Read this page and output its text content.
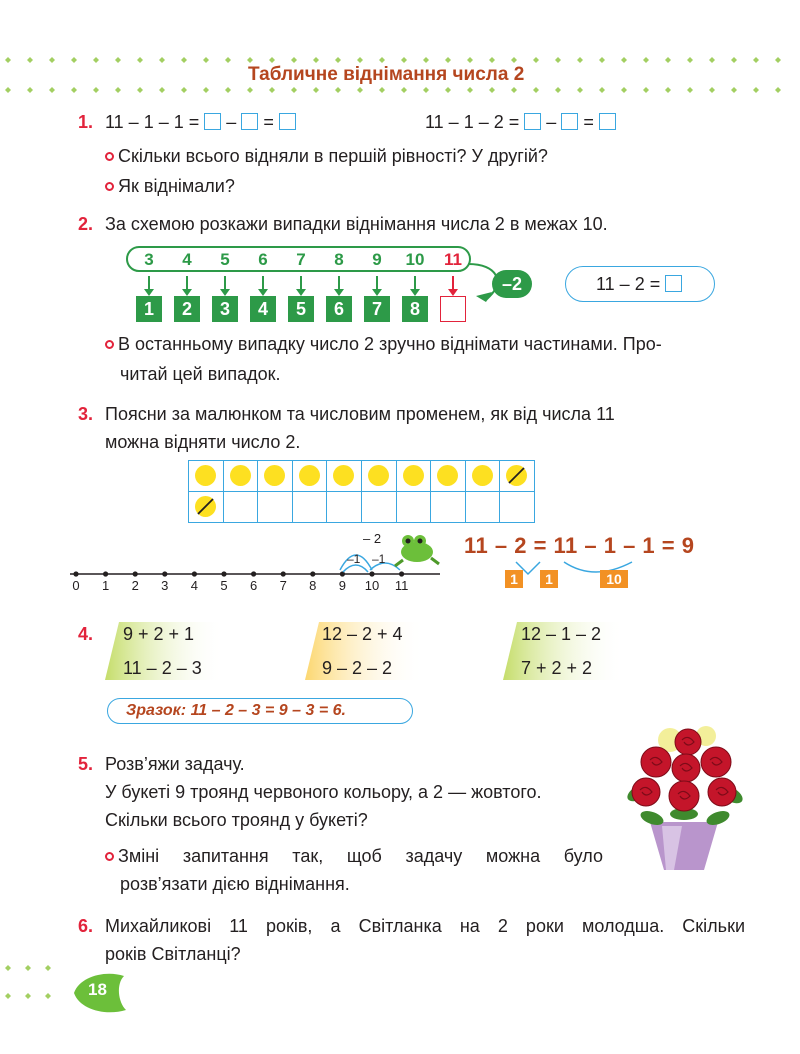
Табличне віднімання числа 2
1. 11 – 1 – 1 = – =	11 – 1 – 2 = – =
Скільки всього відняли в першій рівності? У другій?
Як віднімали?
2. За схемою розкажи випадки віднімання числа 2 в межах 10.
3	4	5	6	7	8	9	10	11
1	2	3	4	5	6	7	8
–2	11 – 2 =
В останньому випадку число 2 зручно віднімати частинами. Про-
читай цей випадок.
3. Поясни за малюнком та числовим променем, як від числа 11
можна відняти число 2.
– 2
–1 –1
0	1	2	3	4	5	6	7	8	9	10 11
11 – 2 = 11 – 1 – 1 = 9
1	1	10
4. 9 + 2 + 1
11 – 2 – 3
12 – 2 + 4
9 – 2 – 2
12 – 1 – 2
7 + 2 + 2
Зразок: 11 – 2 – 3 = 9 – 3 = 6.
5. Розв’яжи задачу.
У букеті 9 троянд червоного кольору, а 2 — жовтого.
Скільки всього троянд у букеті?
Зміні запитання так, щоб задачу можна було
розв’язати дією віднімання.
6. Михайликові 11 років, а Світланка на 2 роки молодша. Скільки
років Світланці?
18
